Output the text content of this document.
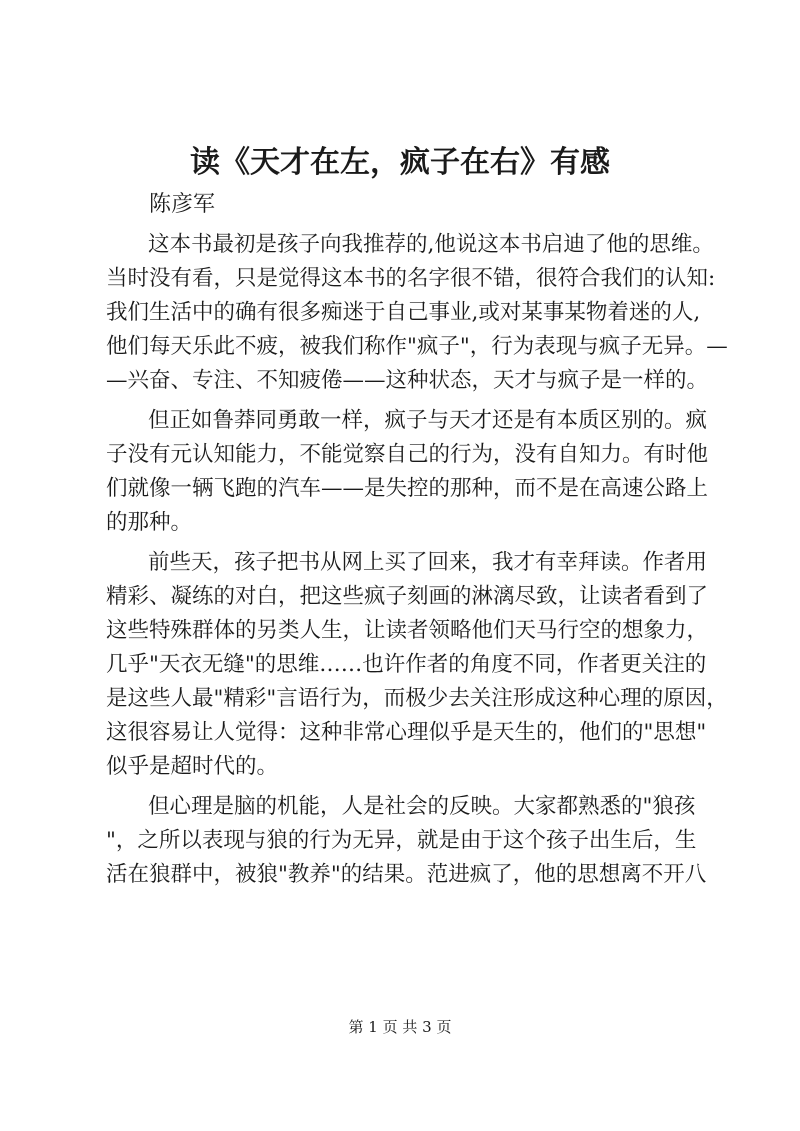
读《天才在左，疯子在右》有感
陈彦军
这本书最初是孩子向我推荐的,他说这本书启迪了他的思维。
当时没有看，只是觉得这本书的名字很不错，很符合我们的认知:
我们生活中的确有很多痴迷于自己事业,或对某事某物着迷的人,
他们每天乐此不疲，被我们称作"疯子"，行为表现与疯子无异。—
—兴奋、专注、不知疲倦——这种状态，天才与疯子是一样的。
但正如鲁莽同勇敢一样，疯子与天才还是有本质区别的。疯
子没有元认知能力，不能觉察自己的行为，没有自知力。有时他
们就像一辆飞跑的汽车——是失控的那种，而不是在高速公路上
的那种。
前些天，孩子把书从网上买了回来，我才有幸拜读。作者用
精彩、凝练的对白，把这些疯子刻画的淋漓尽致，让读者看到了
这些特殊群体的另类人生，让读者领略他们天马行空的想象力，
几乎"天衣无缝"的思维……也许作者的角度不同，作者更关注的
是这些人最"精彩"言语行为，而极少去关注形成这种心理的原因，
这很容易让人觉得：这种非常心理似乎是天生的，他们的"思想"
似乎是超时代的。
但心理是脑的机能，人是社会的反映。大家都熟悉的"狼孩
"，之所以表现与狼的行为无异，就是由于这个孩子出生后，生
活在狼群中，被狼"教养"的结果。范进疯了，他的思想离不开八
第 1 页 共 3 页
